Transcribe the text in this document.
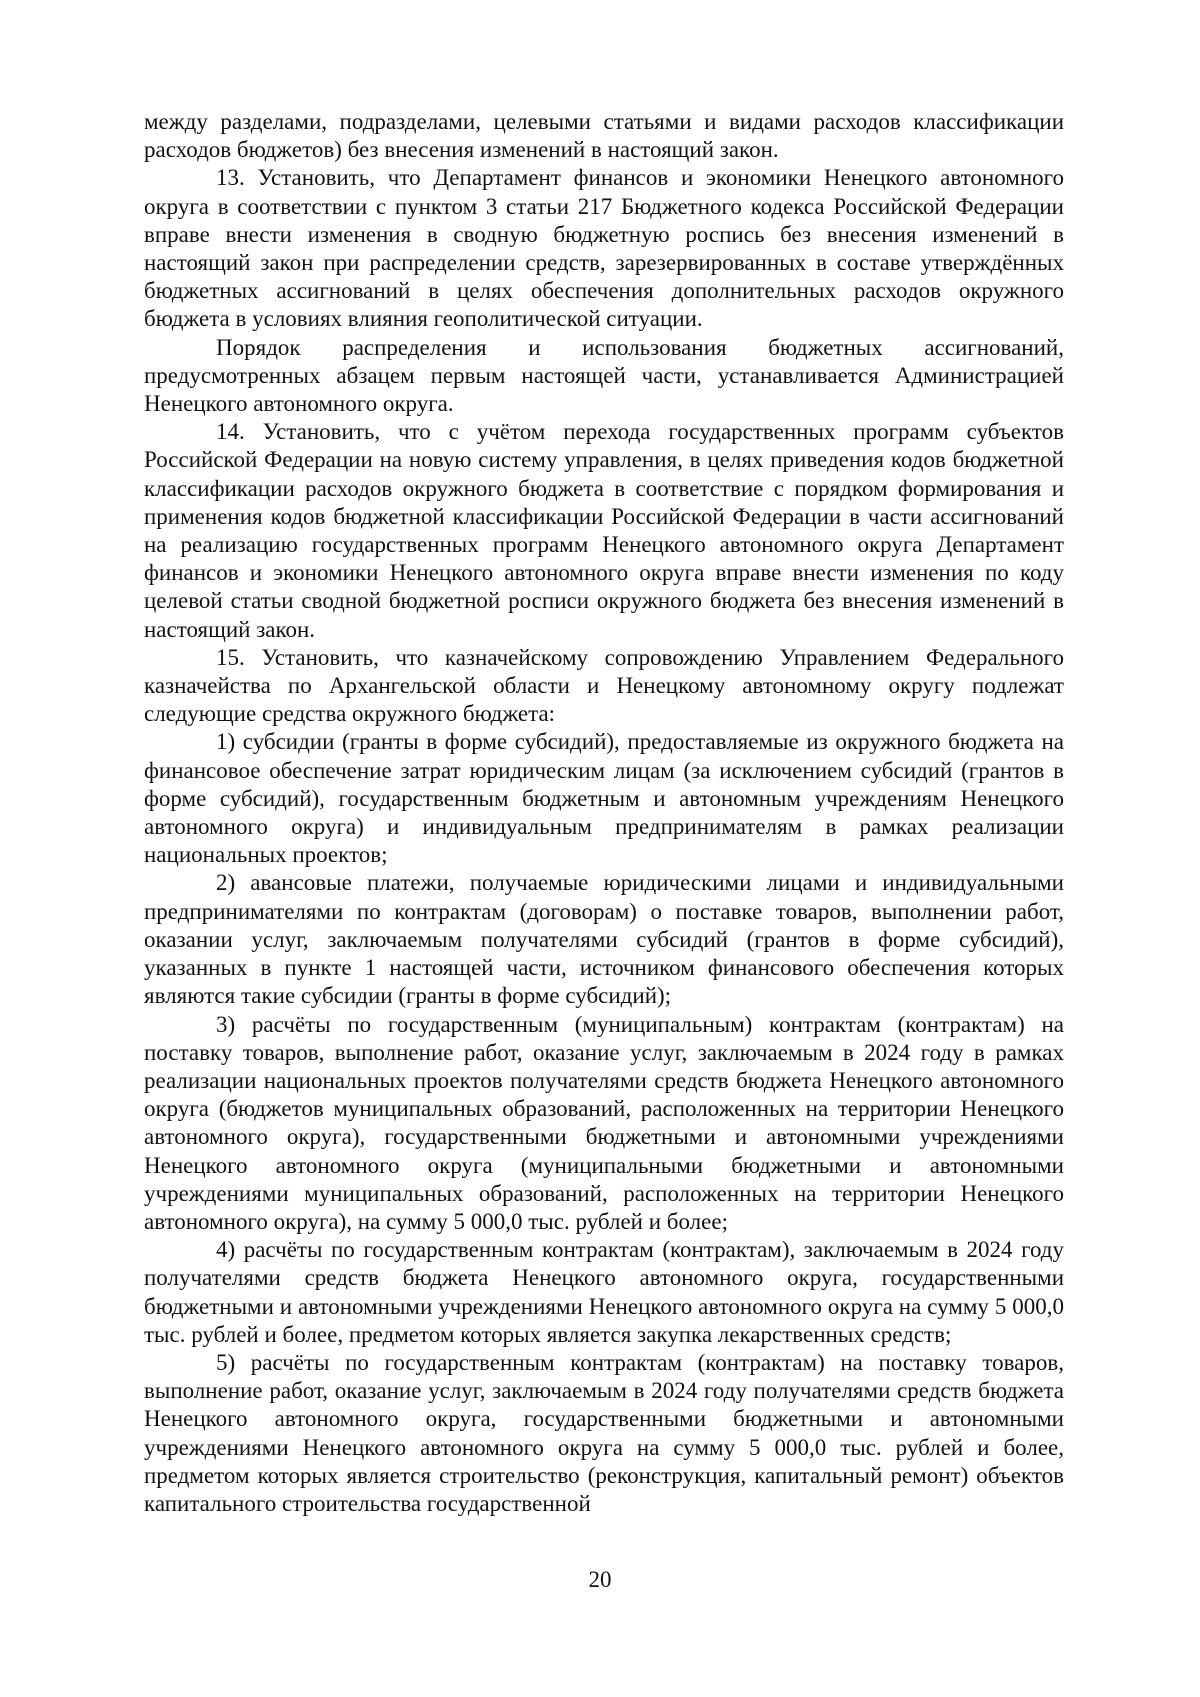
между разделами, подразделами, целевыми статьями и видами расходов классификации расходов бюджетов) без внесения изменений в настоящий закон.

13. Установить, что Департамент финансов и экономики Ненецкого автономного округа в соответствии с пунктом 3 статьи 217 Бюджетного кодекса Российской Федерации вправе внести изменения в сводную бюджетную роспись без внесения изменений в настоящий закон при распределении средств, зарезервированных в составе утверждённых бюджетных ассигнований в целях обеспечения дополнительных расходов окружного бюджета в условиях влияния геополитической ситуации.

Порядок распределения и использования бюджетных ассигнований, предусмотренных абзацем первым настоящей части, устанавливается Администрацией Ненецкого автономного округа.

14. Установить, что с учётом перехода государственных программ субъектов Российской Федерации на новую систему управления, в целях приведения кодов бюджетной классификации расходов окружного бюджета в соответствие с порядком формирования и применения кодов бюджетной классификации Российской Федерации в части ассигнований на реализацию государственных программ Ненецкого автономного округа Департамент финансов и экономики Ненецкого автономного округа вправе внести изменения по коду целевой статьи сводной бюджетной росписи окружного бюджета без внесения изменений в настоящий закон.

15. Установить, что казначейскому сопровождению Управлением Федерального казначейства по Архангельской области и Ненецкому автономному округу подлежат следующие средства окружного бюджета:

1) субсидии (гранты в форме субсидий), предоставляемые из окружного бюджета на финансовое обеспечение затрат юридическим лицам (за исключением субсидий (грантов в форме субсидий), государственным бюджетным и автономным учреждениям Ненецкого автономного округа) и индивидуальным предпринимателям в рамках реализации национальных проектов;

2) авансовые платежи, получаемые юридическими лицами и индивидуальными предпринимателями по контрактам (договорам) о поставке товаров, выполнении работ, оказании услуг, заключаемым получателями субсидий (грантов в форме субсидий), указанных в пункте 1 настоящей части, источником финансового обеспечения которых являются такие субсидии (гранты в форме субсидий);

3) расчёты по государственным (муниципальным) контрактам (контрактам) на поставку товаров, выполнение работ, оказание услуг, заключаемым в 2024 году в рамках реализации национальных проектов получателями средств бюджета Ненецкого автономного округа (бюджетов муниципальных образований, расположенных на территории Ненецкого автономного округа), государственными бюджетными и автономными учреждениями Ненецкого автономного округа (муниципальными бюджетными и автономными учреждениями муниципальных образований, расположенных на территории Ненецкого автономного округа), на сумму 5 000,0 тыс. рублей и более;

4) расчёты по государственным контрактам (контрактам), заключаемым в 2024 году получателями средств бюджета Ненецкого автономного округа, государственными бюджетными и автономными учреждениями Ненецкого автономного округа на сумму 5 000,0 тыс. рублей и более, предметом которых является закупка лекарственных средств;

5) расчёты по государственным контрактам (контрактам) на поставку товаров, выполнение работ, оказание услуг, заключаемым в 2024 году получателями средств бюджета Ненецкого автономного округа, государственными бюджетными и автономными учреждениями Ненецкого автономного округа на сумму 5 000,0 тыс. рублей и более, предметом которых является строительство (реконструкция, капитальный ремонт) объектов капитального строительства государственной

20
